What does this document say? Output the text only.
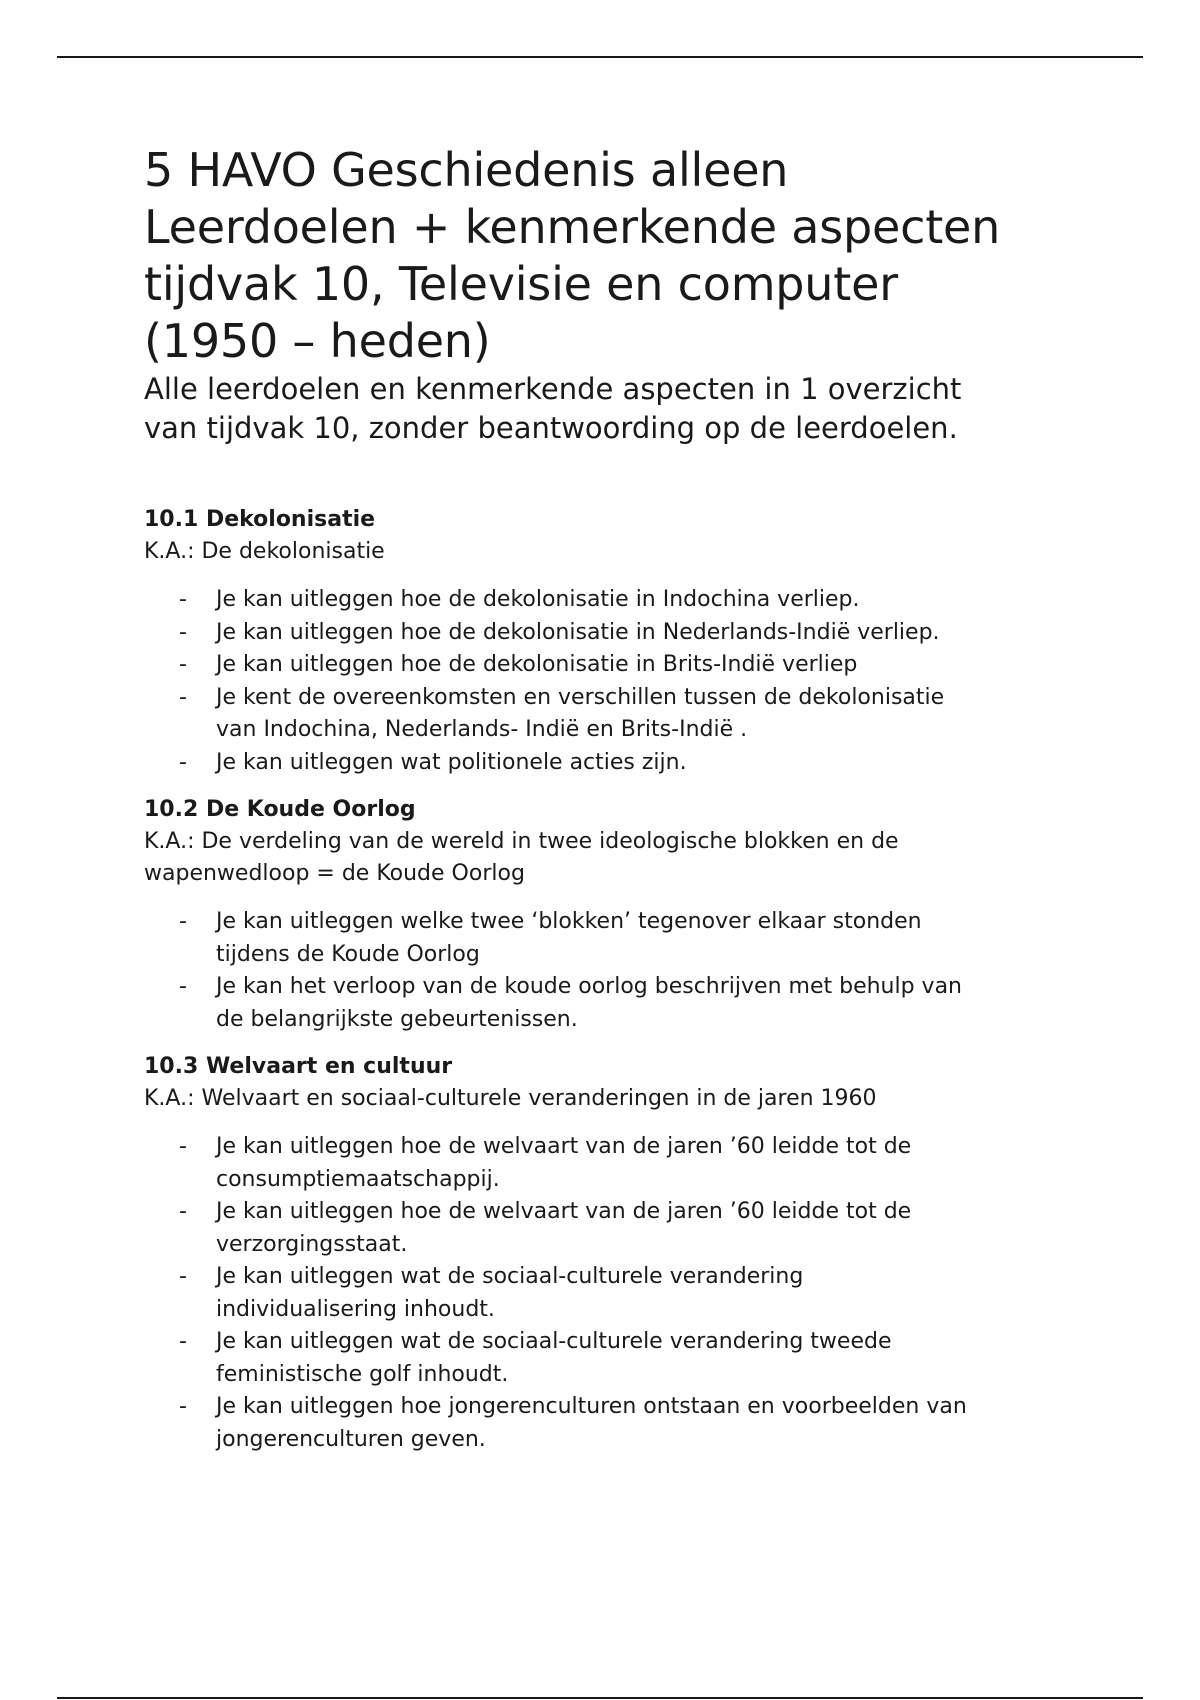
5 HAVO Geschiedenis alleen
Leerdoelen + kenmerkende aspecten
tijdvak 10, Televisie en computer
(1950 – heden)
Alle leerdoelen en kenmerkende aspecten in 1 overzicht
van tijdvak 10, zonder beantwoording op de leerdoelen.
10.1 Dekolonisatie
K.A.: De dekolonisatie
- Je kan uitleggen hoe de dekolonisatie in Indochina verliep.
- Je kan uitleggen hoe de dekolonisatie in Nederlands-Indië verliep.
- Je kan uitleggen hoe de dekolonisatie in Brits-Indië verliep
- Je kent de overeenkomsten en verschillen tussen de dekolonisatie
van Indochina, Nederlands- Indië en Brits-Indië .
- Je kan uitleggen wat politionele acties zijn.
10.2 De Koude Oorlog
K.A.: De verdeling van de wereld in twee ideologische blokken en de
wapenwedloop = de Koude Oorlog
- Je kan uitleggen welke twee ‘blokken’ tegenover elkaar stonden
tijdens de Koude Oorlog
- Je kan het verloop van de koude oorlog beschrijven met behulp van
de belangrijkste gebeurtenissen.
10.3 Welvaart en cultuur
K.A.: Welvaart en sociaal-culturele veranderingen in de jaren 1960
- Je kan uitleggen hoe de welvaart van de jaren ’60 leidde tot de
consumptiemaatschappij.
- Je kan uitleggen hoe de welvaart van de jaren ’60 leidde tot de
verzorgingsstaat.
- Je kan uitleggen wat de sociaal-culturele verandering
individualisering inhoudt.
- Je kan uitleggen wat de sociaal-culturele verandering tweede
feministische golf inhoudt.
- Je kan uitleggen hoe jongerenculturen ontstaan en voorbeelden van
jongerenculturen geven.
